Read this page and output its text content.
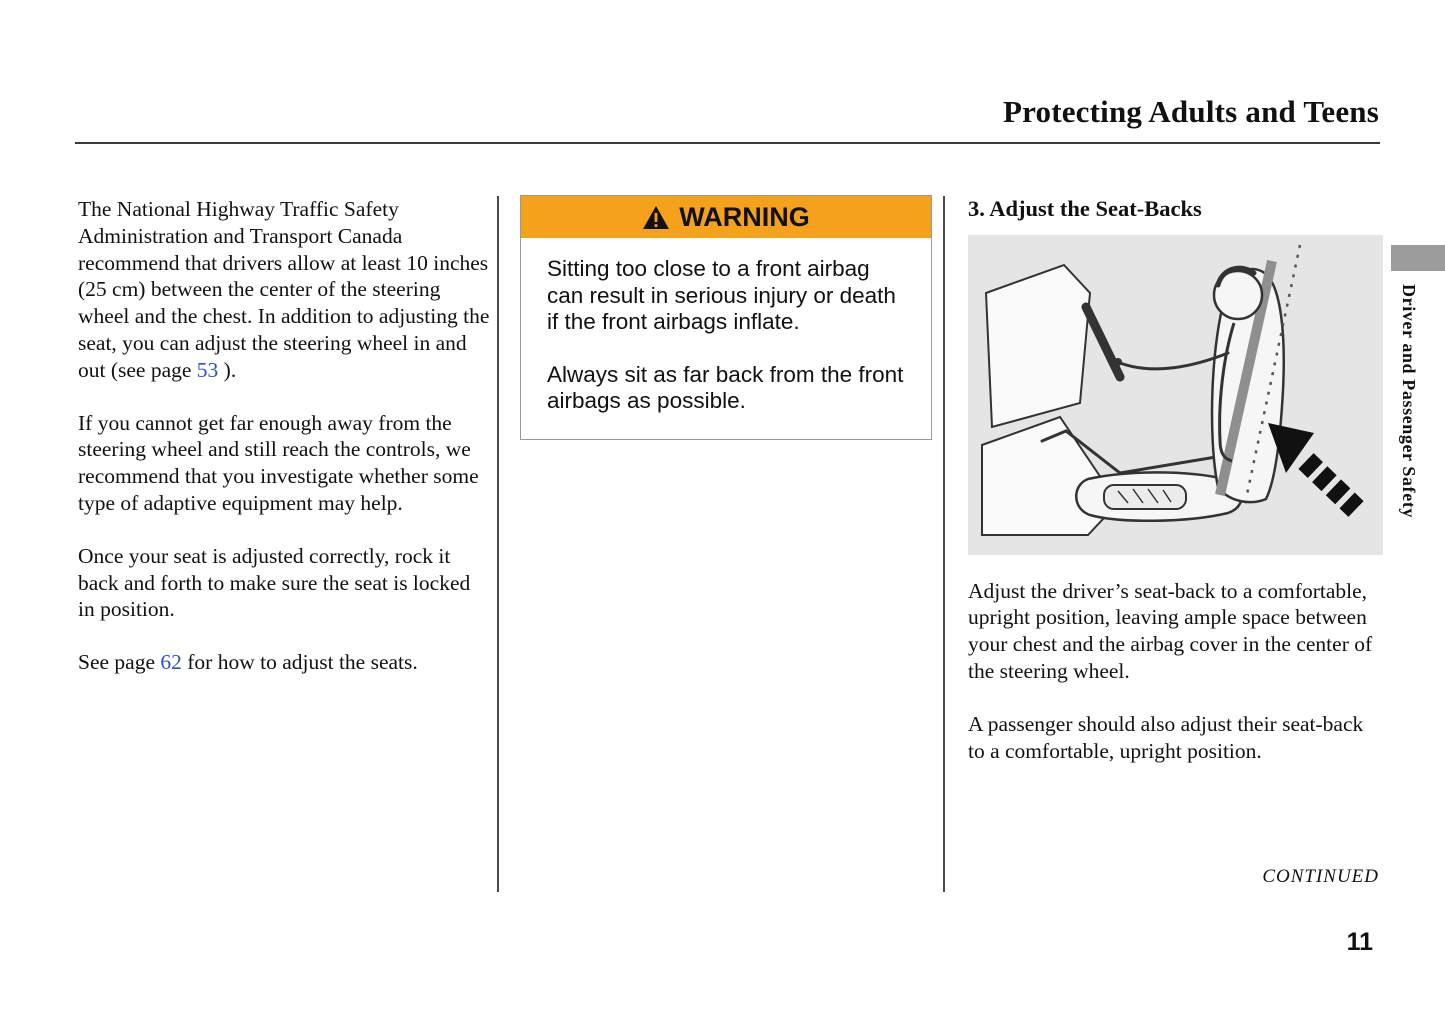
Protecting Adults and Teens

The National Highway Traffic Safety Administration and Transport Canada recommend that drivers allow at least 10 inches (25 cm) between the center of the steering wheel and the chest. In addition to adjusting the seat, you can adjust the steering wheel in and out (see page 53 ).

If you cannot get far enough away from the steering wheel and still reach the controls, we recommend that you investigate whether some type of adaptive equipment may help.

Once your seat is adjusted correctly, rock it back and forth to make sure the seat is locked in position.

See page 62 for how to adjust the seats.

WARNING

Sitting too close to a front airbag can result in serious injury or death if the front airbags inflate.

Always sit as far back from the front airbags as possible.

3. Adjust the Seat-Backs

Adjust the driver’s seat-back to a comfortable, upright position, leaving ample space between your chest and the airbag cover in the center of the steering wheel.

A passenger should also adjust their seat-back to a comfortable, upright position.

Driver and Passenger Safety
CONTINUED
11
